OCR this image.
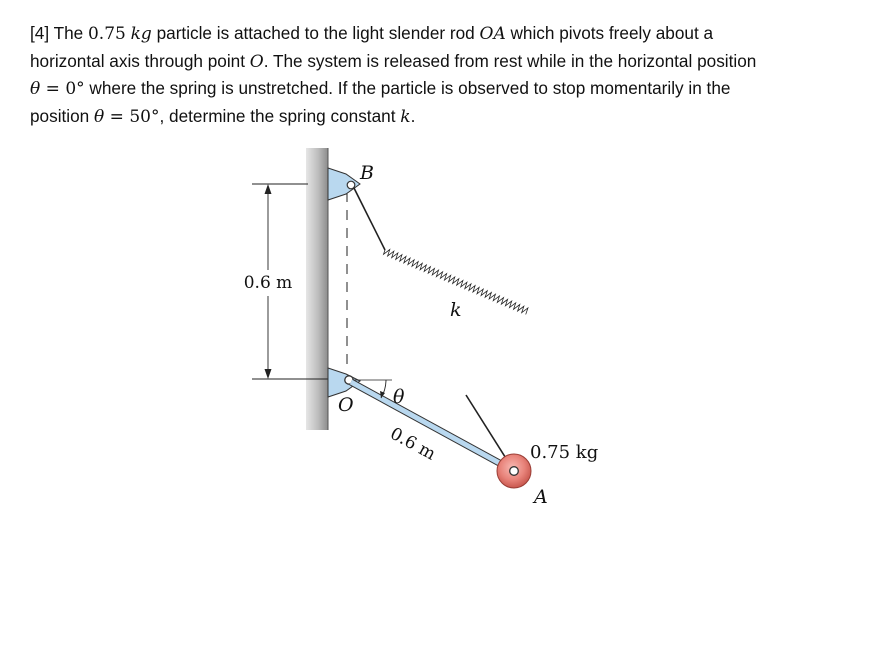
[4] The 0.75 kg particle is attached to the light slender rod OA which pivots freely about a
horizontal axis through point O. The system is released from rest while in the horizontal position
θ = 0° where the spring is unstretched. If the particle is observed to stop momentarily in the
position θ = 50°, determine the spring constant k.
0.6 m
B
O θ
0.6 m
k
0.75 kg
A
